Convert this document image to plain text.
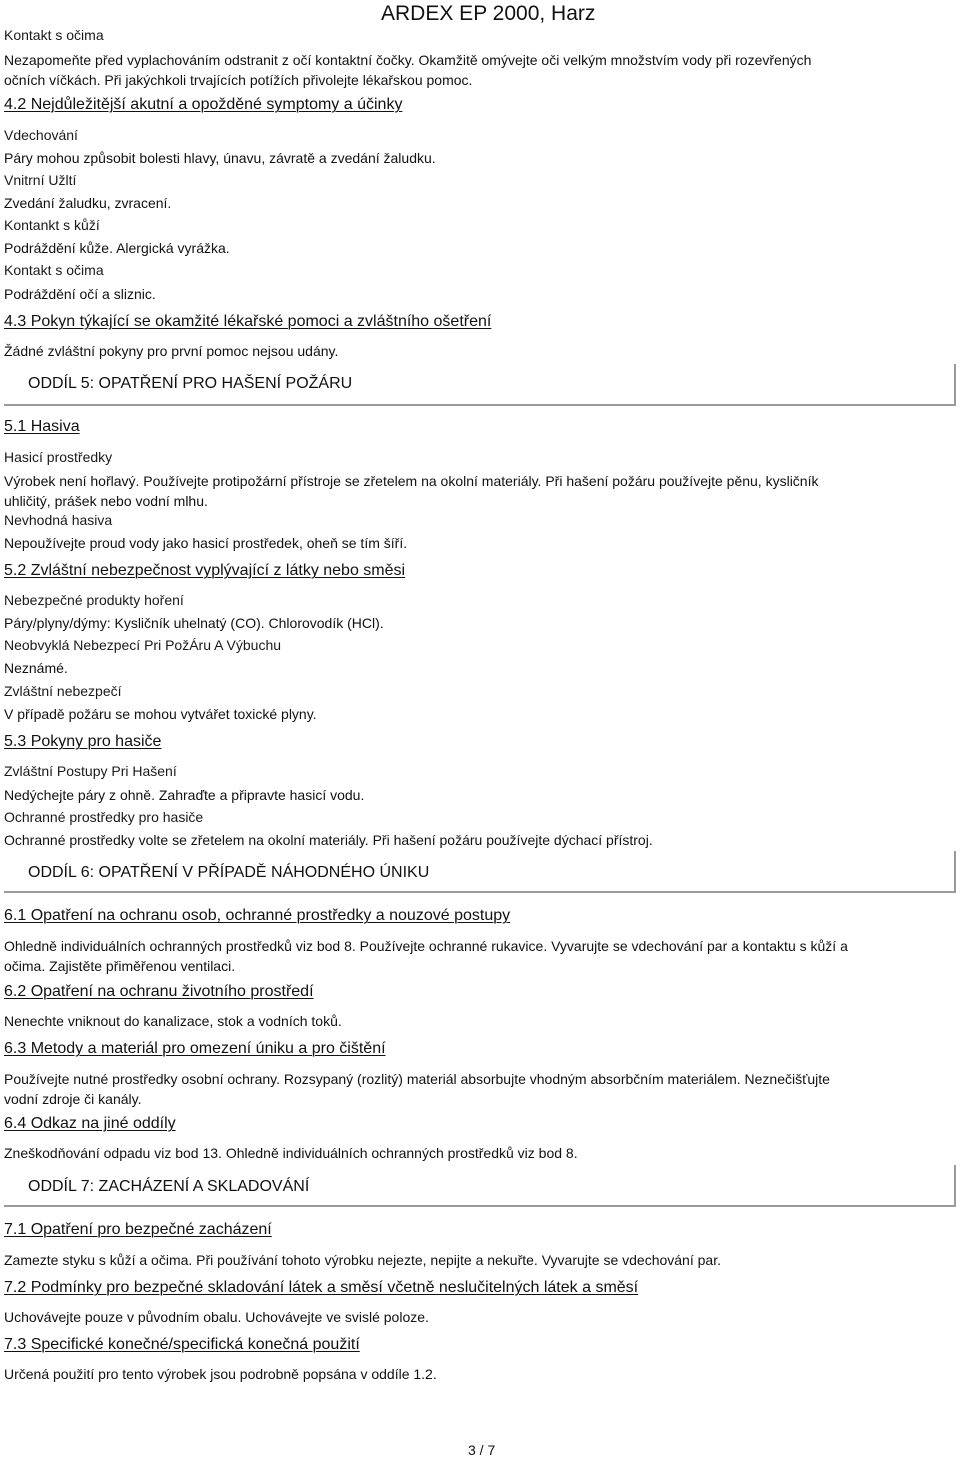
Kontakt s očima
ARDEX EP 2000, Harz
Nezapomeňte před vyplachováním odstranit z očí kontaktní čočky. Okamžitě omývejte oči velkým množstvím vody při rozevřených očních víčkách. Při jakýchkoli trvajících potížích přivolejte lékařskou pomoc.
4.2 Nejdůležitější akutní a opožděné symptomy a účinky
Vdechování
Páry mohou způsobit bolesti hlavy, únavu, závratě a zvedání žaludku.
Vnitrní Užltí
Zvedání žaludku, zvracení.
Kontankt s kůží
Podráždění kůže. Alergická vyrážka.
Kontakt s očima
Podráždění očí a sliznic.
4.3 Pokyn týkající se okamžité lékařské pomoci a zvláštního ošetření
Žádné zvláštní pokyny pro první pomoc nejsou udány.
ODDÍL 5: OPATŘENÍ PRO HAŠENÍ POŽÁRU
5.1 Hasiva
Hasicí prostředky
Výrobek není hořlavý. Používejte protipožární přístroje se zřetelem na okolní materiály. Při hašení požáru používejte pěnu, kysličník uhličitý, prášek nebo vodní mlhu.
Nevhodná hasiva
Nepoužívejte proud vody jako hasicí prostředek, oheň se tím šíří.
5.2 Zvláštní nebezpečnost vyplývající z látky nebo směsi
Nebezpečné produkty hoření
Páry/plyny/dýmy: Kysličník uhelnatý (CO). Chlorovodík (HCl).
Neobvyklá Nebezpecí Pri PožÁru A Výbuchu
Neznámé.
Zvláštní nebezpečí
V případě požáru se mohou vytvářet toxické plyny.
5.3 Pokyny pro hasiče
Zvláštní Postupy Pri Hašení
Nedýchejte páry z ohně. Zahraďte a připravte hasicí vodu.
Ochranné prostředky pro hasiče
Ochranné prostředky volte se zřetelem na okolní materiály. Při hašení požáru používejte dýchací přístroj.
ODDÍL 6: OPATŘENÍ V PŘÍPADĚ NÁHODNÉHO ÚNIKU
6.1 Opatření na ochranu osob, ochranné prostředky a nouzové postupy
Ohledně individuálních ochranných prostředků viz bod 8. Používejte ochranné rukavice. Vyvarujte se vdechování par a kontaktu s kůží a očima. Zajistěte přiměřenou ventilaci.
6.2 Opatření na ochranu životního prostředí
Nenechte vniknout do kanalizace, stok a vodních toků.
6.3 Metody a materiál pro omezení úniku a pro čištění
Používejte nutné prostředky osobní ochrany. Rozsypaný (rozlitý) materiál absorbujte vhodným absorbčním materiálem. Neznečišťujte vodní zdroje či kanály.
6.4 Odkaz na jiné oddíly
Zneškodňování odpadu viz bod 13. Ohledně individuálních ochranných prostředků viz bod 8.
ODDÍL 7: ZACHÁZENÍ A SKLADOVÁNÍ
7.1 Opatření pro bezpečné zacházení
Zamezte styku s kůží a očima. Při používání tohoto výrobku nejezte, nepijte a nekuřte. Vyvarujte se vdechování par.
7.2 Podmínky pro bezpečné skladování látek a směsí včetně neslučitelných látek a směsí
Uchovávejte pouze v původním obalu. Uchovávejte ve svislé poloze.
7.3 Specifické konečné/specifická konečná použití
Určená použití pro tento výrobek jsou podrobně popsána v oddíle 1.2.
3 / 7
